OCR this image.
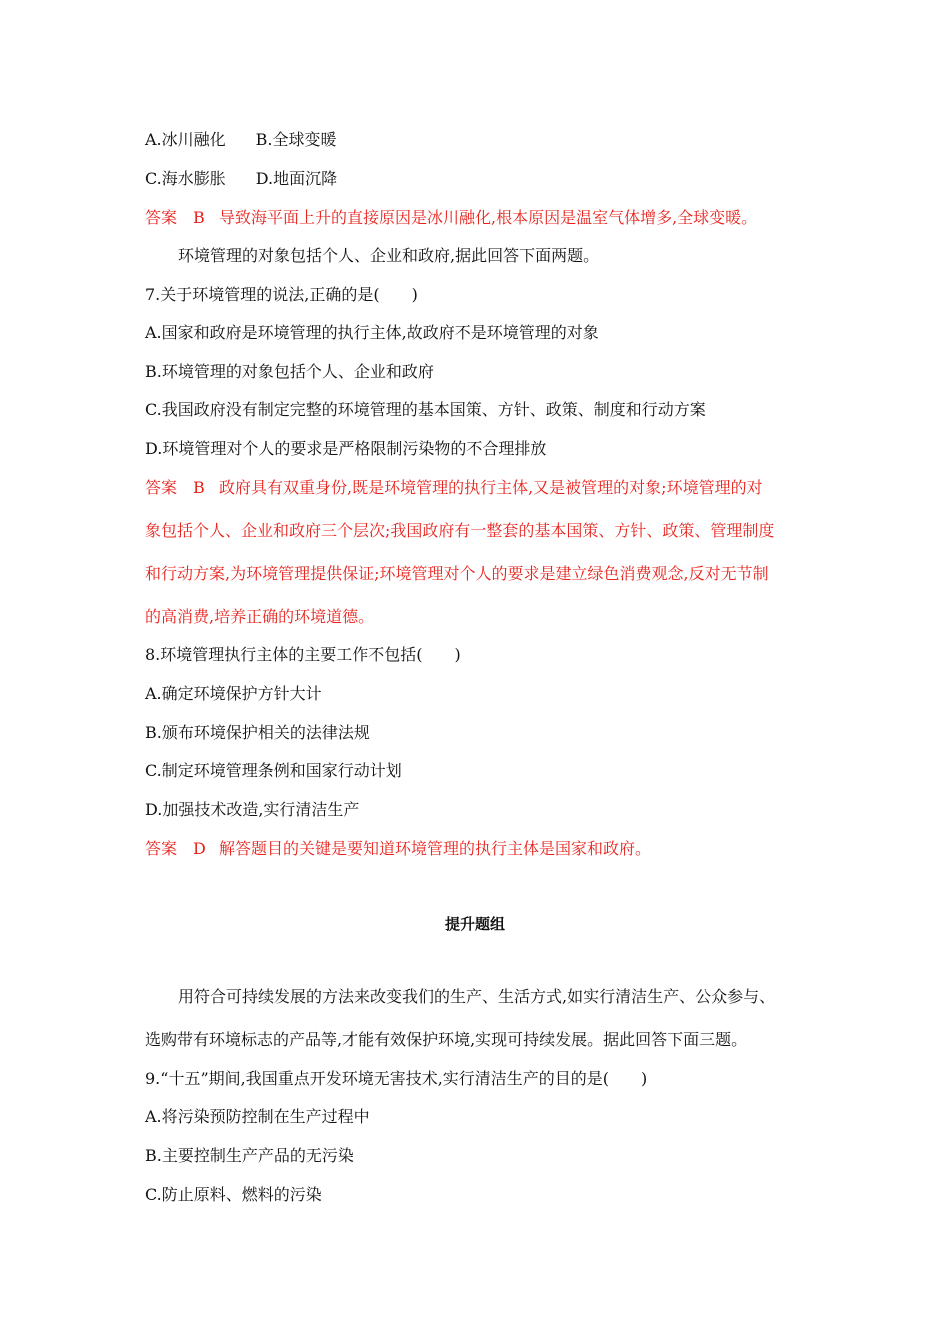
A.冰川融化 B.全球变暖
C.海水膨胀 D.地面沉降
答案 B 导致海平面上升的直接原因是冰川融化,根本原因是温室气体增多,全球变暖。
环境管理的对象包括个人、企业和政府,据此回答下面两题。
7.关于环境管理的说法,正确的是(　　)
A.国家和政府是环境管理的执行主体,故政府不是环境管理的对象
B.环境管理的对象包括个人、企业和政府
C.我国政府没有制定完整的环境管理的基本国策、方针、政策、制度和行动方案
D.环境管理对个人的要求是严格限制污染物的不合理排放
答案 B 政府具有双重身份,既是环境管理的执行主体,又是被管理的对象;环境管理的对
象包括个人、企业和政府三个层次;我国政府有一整套的基本国策、方针、政策、管理制度
和行动方案,为环境管理提供保证;环境管理对个人的要求是建立绿色消费观念,反对无节制
的高消费,培养正确的环境道德。
8.环境管理执行主体的主要工作不包括(　　)
A.确定环境保护方针大计
B.颁布环境保护相关的法律法规
C.制定环境管理条例和国家行动计划
D.加强技术改造,实行清洁生产
答案 D 解答题目的关键是要知道环境管理的执行主体是国家和政府。
提升题组
用符合可持续发展的方法来改变我们的生产、生活方式,如实行清洁生产、公众参与、
选购带有环境标志的产品等,才能有效保护环境,实现可持续发展。据此回答下面三题。
9.“十五”期间,我国重点开发环境无害技术,实行清洁生产的目的是(　　)
A.将污染预防控制在生产过程中
B.主要控制生产产品的无污染
C.防止原料、燃料的污染
